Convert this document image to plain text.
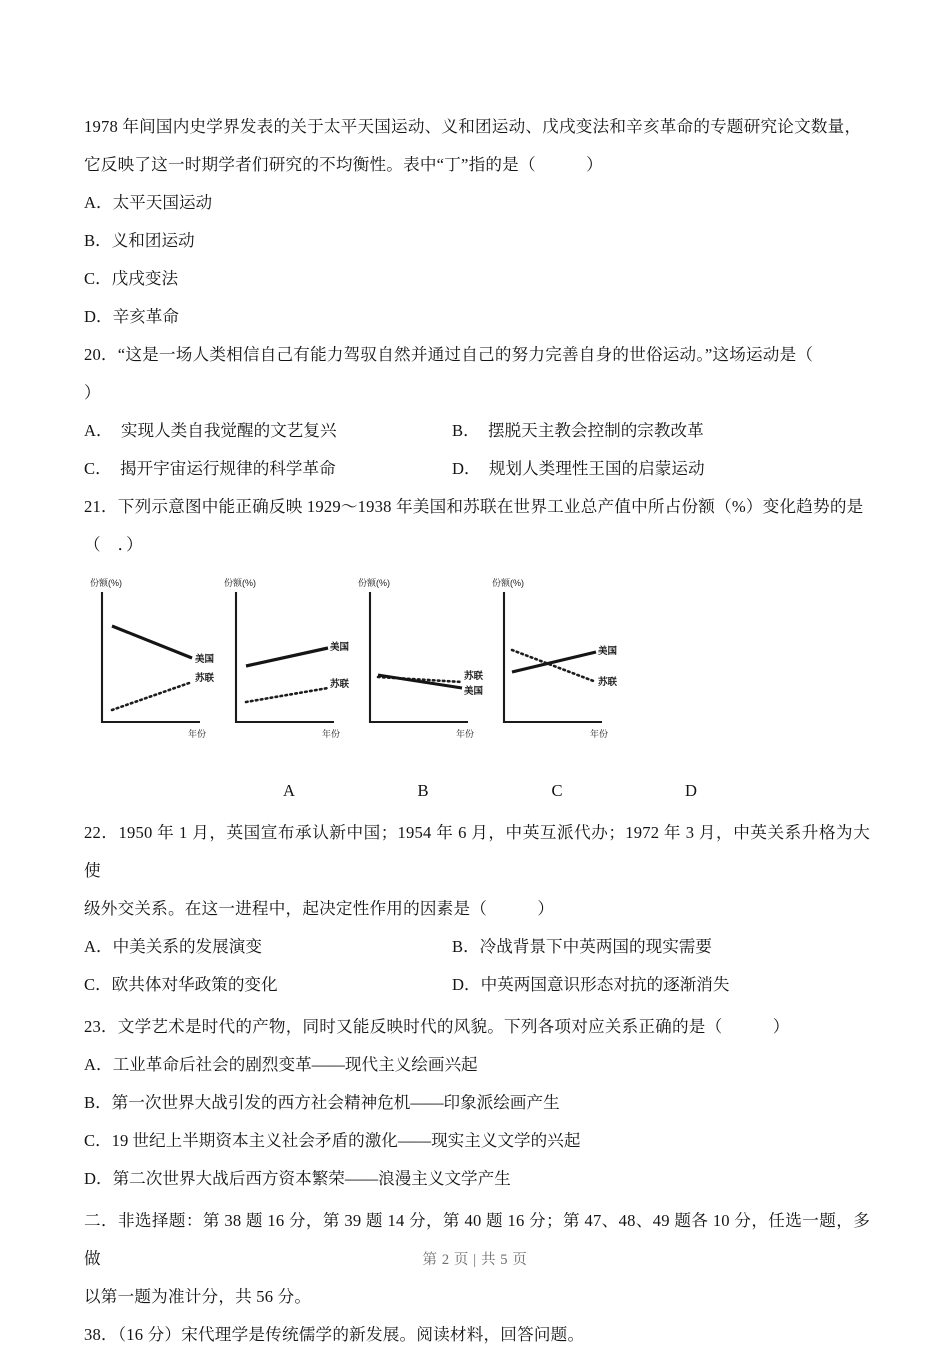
1978 年间国内史学界发表的关于太平天国运动、义和团运动、戊戌变法和辛亥革命的专题研究论文数量，

它反映了这一时期学者们研究的不均衡性。表中“丁”指的是（　　　）

A．太平天国运动

B．义和团运动

C．戊戌变法

D．辛亥革命

20．“这是一场人类相信自己有能力驾驭自然并通过自己的努力完善自身的世俗运动。”这场运动是（

）

A．　实现人类自我觉醒的文艺复兴	B．　摆脱天主教会控制的宗教改革
C．　揭开宇宙运行规律的科学革命	D．　规划人类理性王国的启蒙运动

21．下列示意图中能正确反映 1929～1938 年美国和苏联在世界工业总产值中所占份额（%）变化趋势的是

（　．）

份额(%)
美国
苏联
年份
份额(%)
美国
苏联
年份
份额(%)
苏联
美国
年份
份额(%)
美国
苏联
年份
A	B	C	D

22．1950 年 1 月，英国宣布承认新中国；1954 年 6 月，中英互派代办；1972 年 3 月，中英关系升格为大使

级外交关系。在这一进程中，起决定性作用的因素是（　　　）

A．中美关系的发展演变	B．冷战背景下中英两国的现实需要
C．欧共体对华政策的变化	D．中英两国意识形态对抗的逐渐消失

23．文学艺术是时代的产物，同时又能反映时代的风貌。下列各项对应关系正确的是（　　　）

A．工业革命后社会的剧烈变革——现代主义绘画兴起

B．第一次世界大战引发的西方社会精神危机——印象派绘画产生

C．19 世纪上半期资本主义社会矛盾的激化——现实主义文学的兴起

D．第二次世界大战后西方资本繁荣——浪漫主义文学产生

二．非选择题：第 38 题 16 分，第 39 题 14 分，第 40 题 16 分；第 47、48、49 题各 10 分，任选一题，多做

以第一题为准计分，共 56 分。

38．（16 分）宋代理学是传统儒学的新发展。阅读材料，回答问题。

第 2 页 | 共 5 页
